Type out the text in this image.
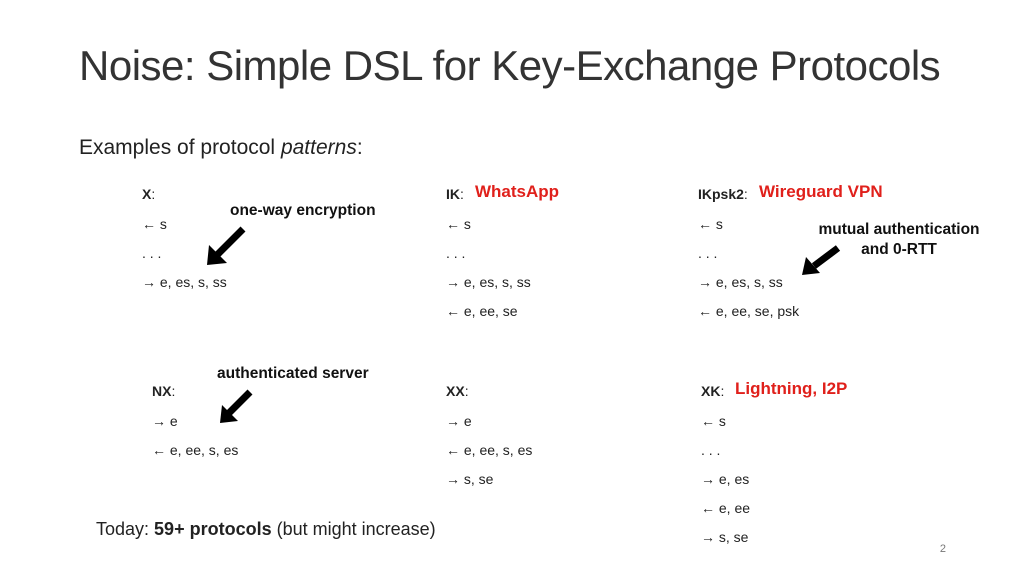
Noise: Simple DSL for Key-Exchange Protocols
Examples of protocol patterns:
X:
← s
. . .
→ e, es, s, ss
IK:
← s
. . .
→ e, es, s, ss
← e, ee, se
WhatsApp	IKpsk2:
← s
. . .
→ e, es, s, ss
← e, ee, se, psk
Wireguard VPN
NX:
→ e
← e, ee, s, es
XX:
→ e
← e, ee, s, es
→ s, se
XK:
← s
. . .
→ e, es
← e, ee
→ s, se
Lightning, I2P
one-way encryption
mutual authentication
and 0-RTT
authenticated server
Today: 59+ protocols (but might increase)
2
